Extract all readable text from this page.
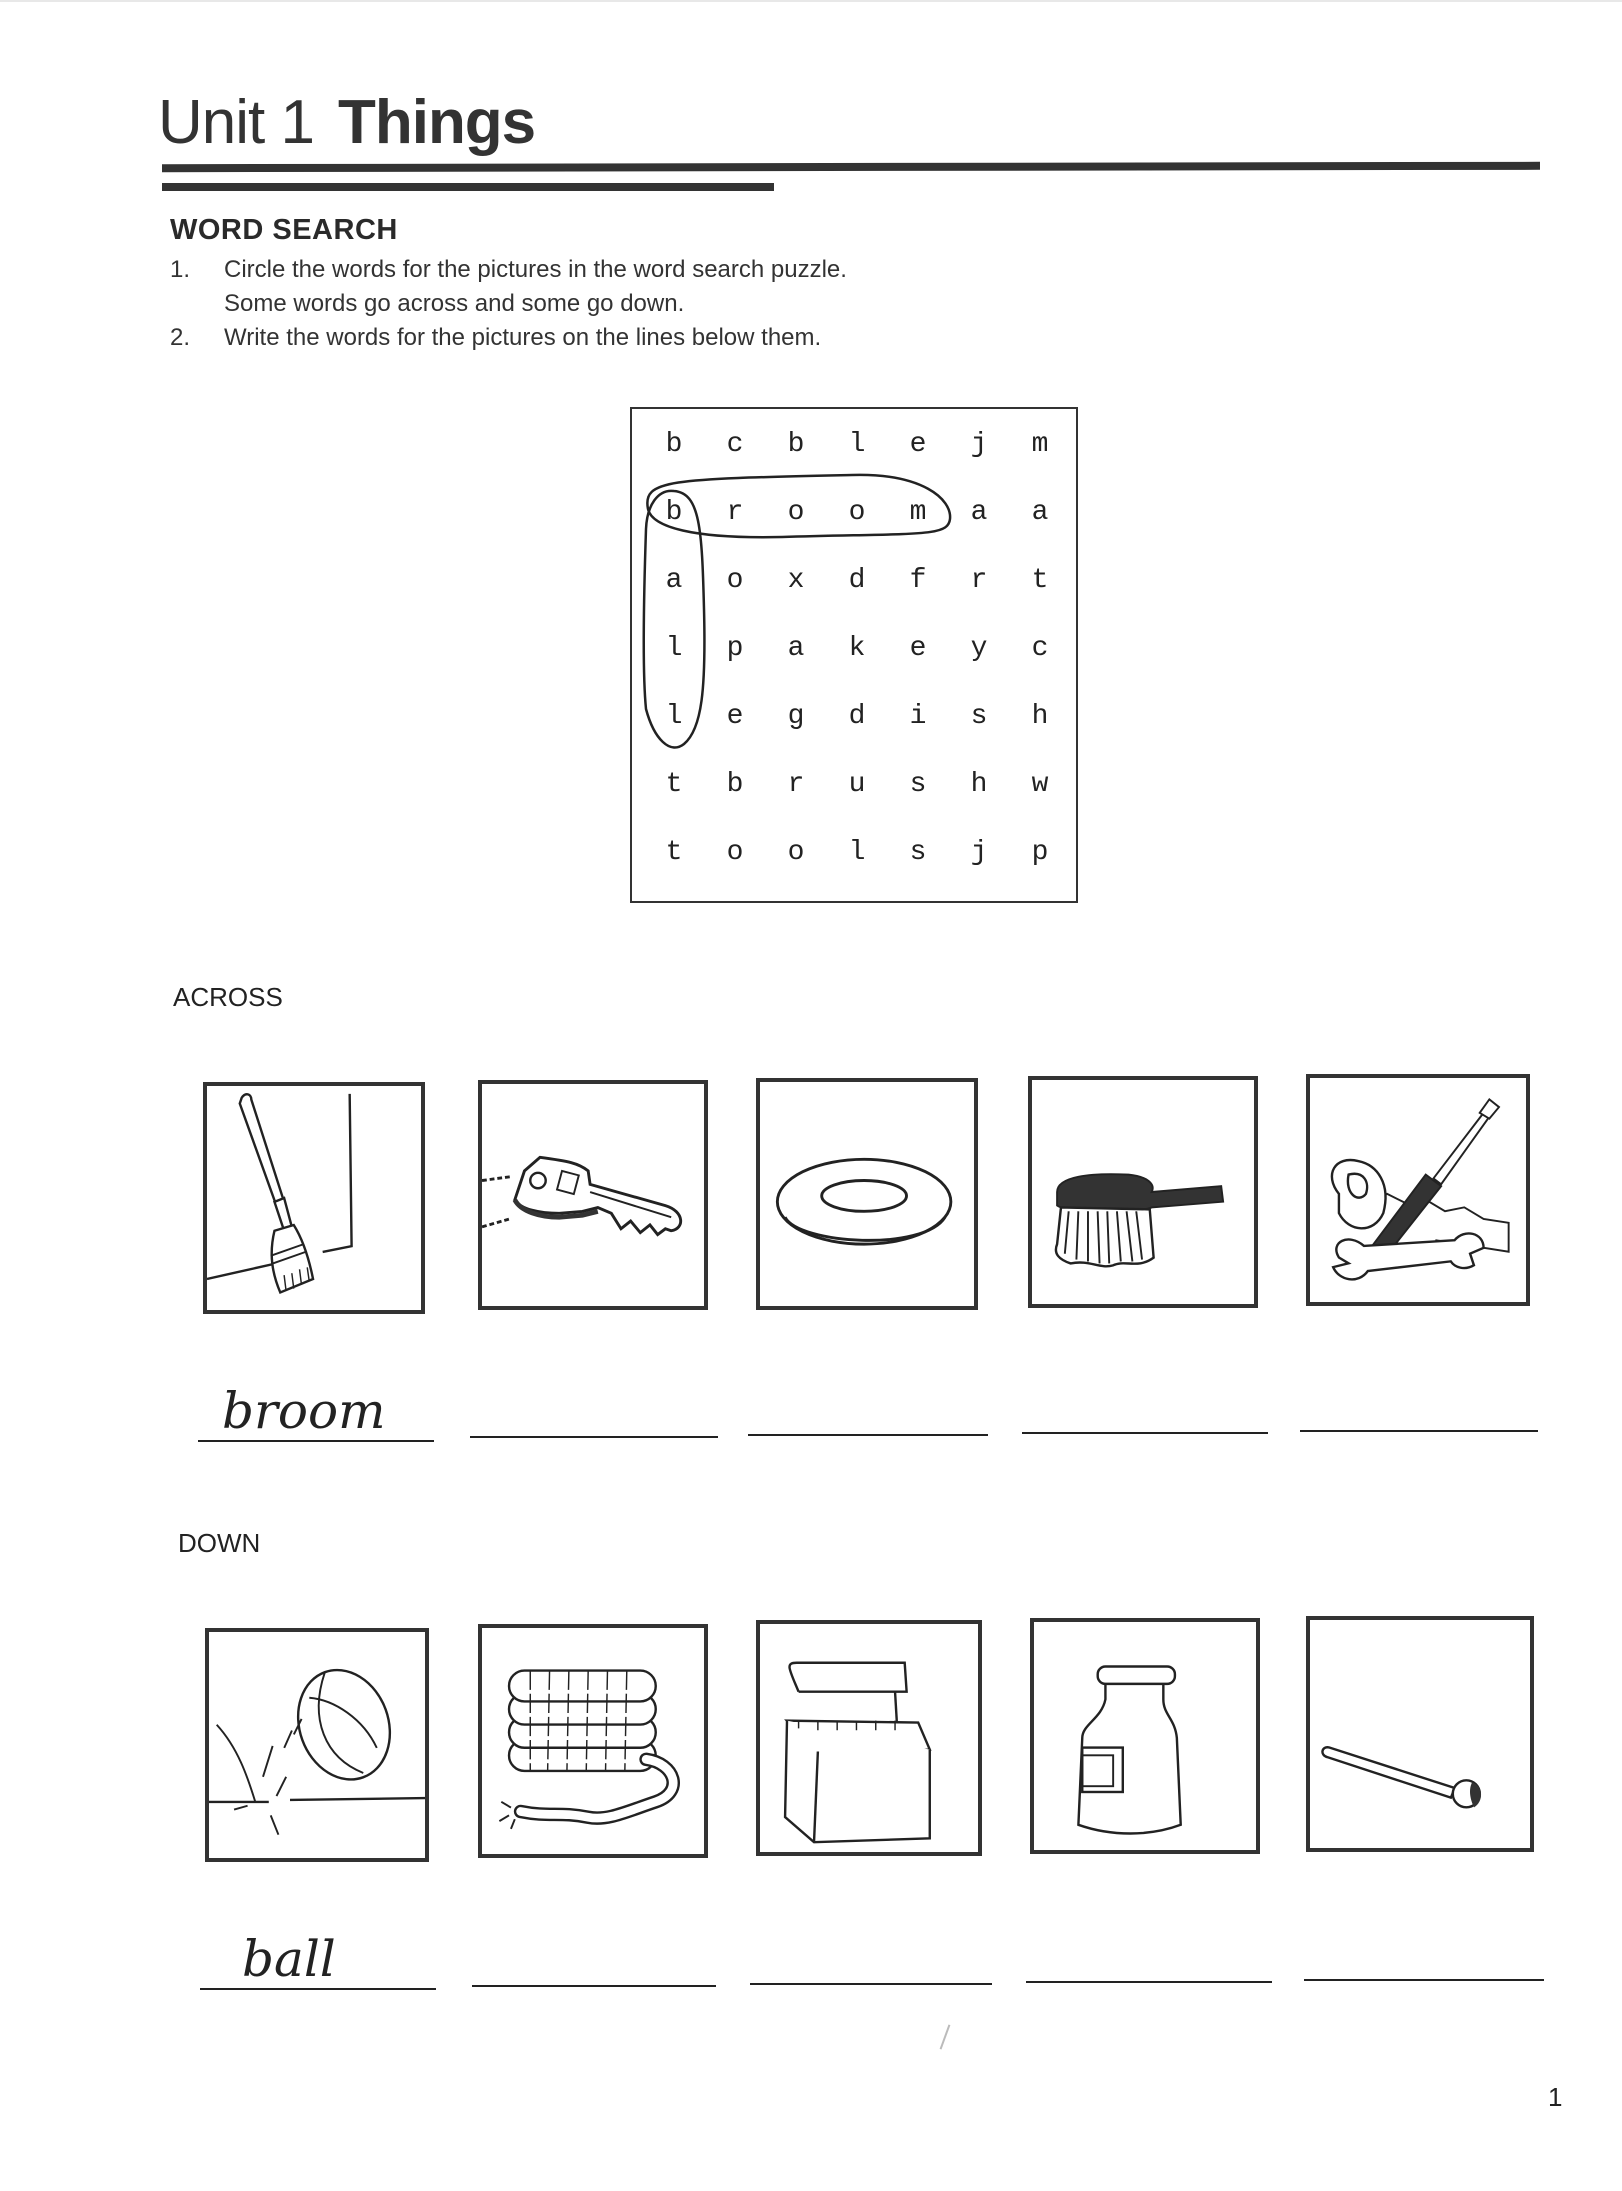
Unit 1 Things
WORD SEARCH
1. Circle the words for the pictures in the word search puzzle.
Some words go across and some go down.
2. Write the words for the pictures on the lines below them.
p
j
s
l
o
o
t
w
h
s
u
r
b
t
h
s
i
d
g
e
l
c
y
e
k
a
p
l
t
r
f
d
x
o
a
a
a
m
o
o
r
b
m
j
e
l
b
c
b
ACROSS
DOWN
broom
ball
1
